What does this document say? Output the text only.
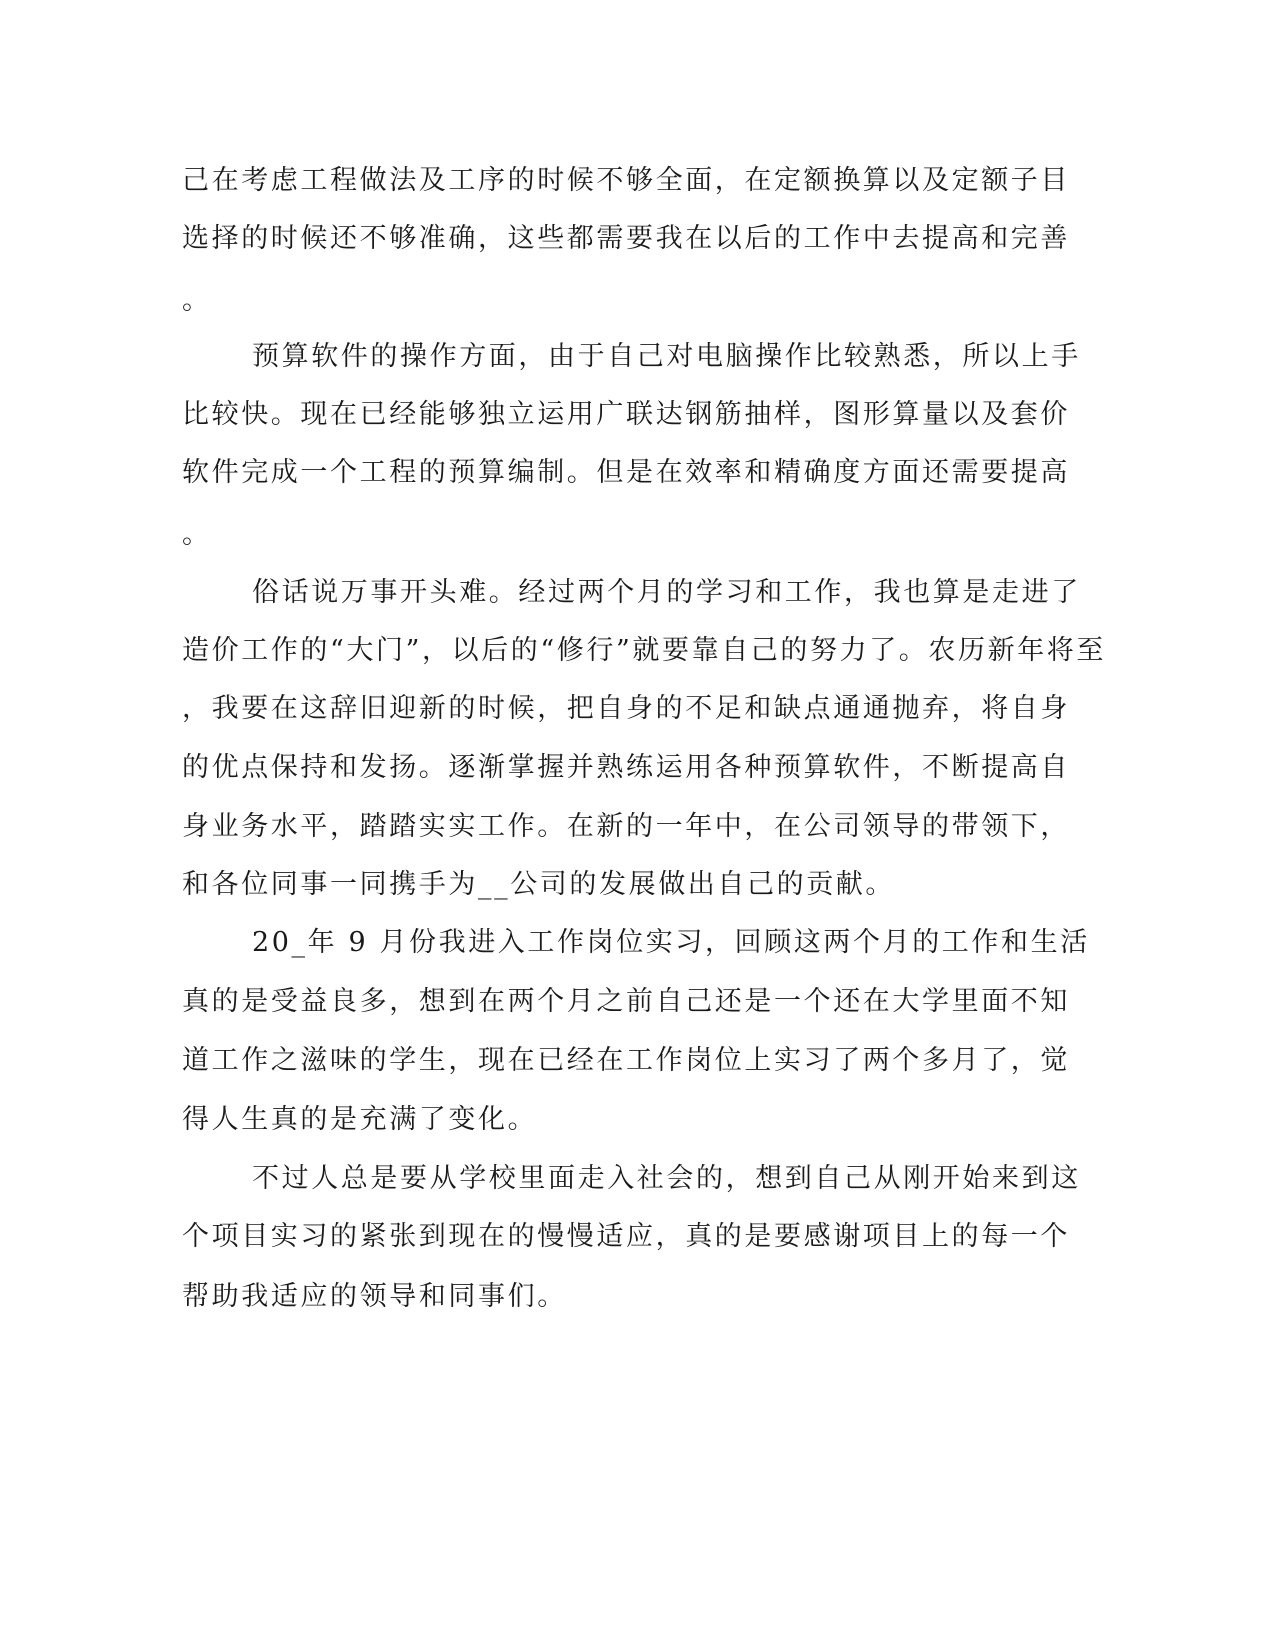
己在考虑工程做法及工序的时候不够全面，在定额换算以及定额子目
选择的时候还不够准确，这些都需要我在以后的工作中去提高和完善
。
预算软件的操作方面，由于自己对电脑操作比较熟悉，所以上手
比较快。现在已经能够独立运用广联达钢筋抽样，图形算量以及套价
软件完成一个工程的预算编制。但是在效率和精确度方面还需要提高
。
俗话说万事开头难。经过两个月的学习和工作，我也算是走进了
造价工作的“大门”，以后的“修行”就要靠自己的努力了。农历新年将至
，我要在这辞旧迎新的时候，把自身的不足和缺点通通抛弃，将自身
的优点保持和发扬。逐渐掌握并熟练运用各种预算软件，不断提高自
身业务水平，踏踏实实工作。在新的一年中，在公司领导的带领下，
和各位同事一同携手为__公司的发展做出自己的贡献。
20_年 9 月份我进入工作岗位实习，回顾这两个月的工作和生活
真的是受益良多，想到在两个月之前自己还是一个还在大学里面不知
道工作之滋味的学生，现在已经在工作岗位上实习了两个多月了，觉
得人生真的是充满了变化。
不过人总是要从学校里面走入社会的，想到自己从刚开始来到这
个项目实习的紧张到现在的慢慢适应，真的是要感谢项目上的每一个
帮助我适应的领导和同事们。
